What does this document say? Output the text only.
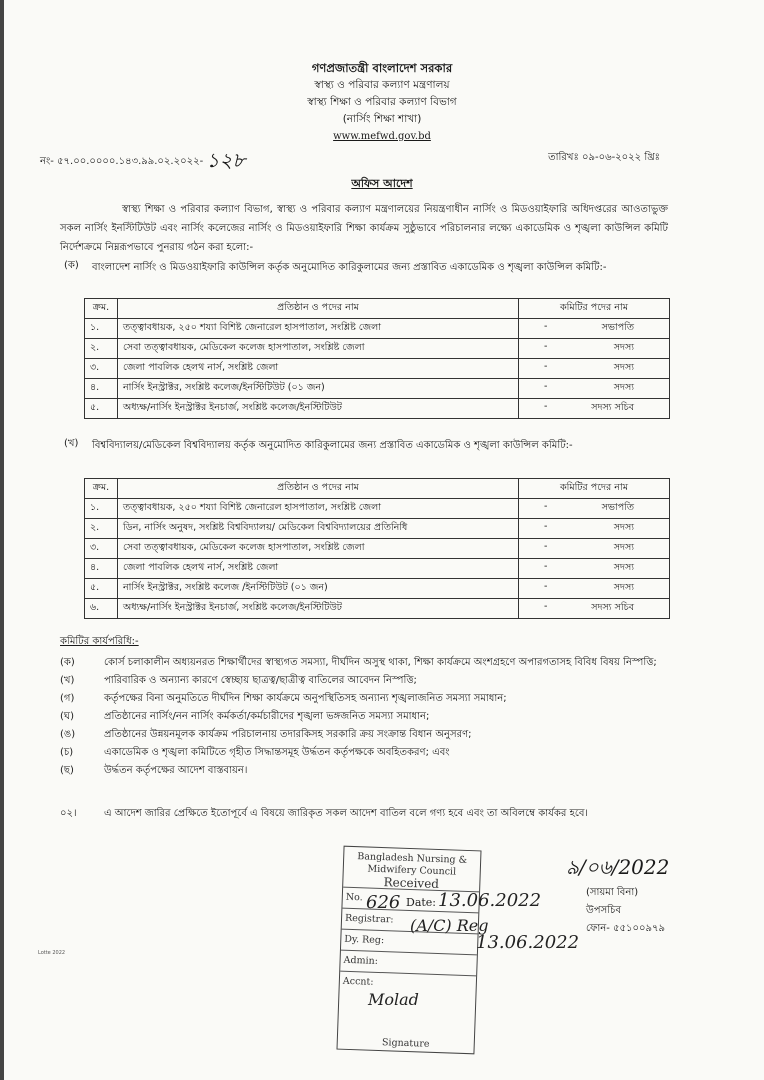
গণপ্রজাতন্ত্রী বাংলাদেশ সরকার
স্বাস্থ্য ও পরিবার কল্যাণ মন্ত্রণালয়
স্বাস্থ্য শিক্ষা ও পরিবার কল্যাণ বিভাগ
(নার্সিং শিক্ষা শাখা)
www.mefwd.gov.bd
নং- ৫৭.০০.০০০০.১৪৩.৯৯.০২.২০২২- ১২৮	তারিখঃ ০৯-০৬-২০২২ খ্রিঃ
অফিস আদেশ
স্বাস্থ্য শিক্ষা ও পরিবার কল্যাণ বিভাগ, স্বাস্থ্য ও পরিবার কল্যাণ মন্ত্রণালয়ের নিয়ন্ত্রণাধীন নার্সিং ও মিডওয়াইফারি অধিদপ্তরের আওতাভুক্ত সকল নার্সিং ইনস্টিটিউট এবং নার্সিং কলেজের নার্সিং ও মিডওয়াইফারি শিক্ষা কার্যক্রম সুষ্ঠুভাবে পরিচালনার লক্ষ্যে একাডেমিক ও শৃঙ্খলা কাউন্সিল কমিটি নির্দেশক্রমে নিম্নরূপভাবে পুনরায় গঠন করা হলো:-
(ক) বাংলাদেশ নার্সিং ও মিডওয়াইফারি কাউন্সিল কর্তৃক অনুমোদিত কারিকুলামের জন্য প্রস্তাবিত একাডেমিক ও শৃঙ্খলা কাউন্সিল কমিটি:-
ক্রম.	প্রতিষ্ঠান ও পদের নাম	কমিটির পদের নাম
১.	তত্ত্বাবধায়ক, ২৫০ শয্যা বিশিষ্ট জেনারেল হাসপাতাল, সংশ্লিষ্ট জেলা	- সভাপতি

২.	সেবা তত্ত্বাবধায়ক, মেডিকেল কলেজ হাসপাতাল, সংশ্লিষ্ট জেলা	- সদস্য

৩.	জেলা পাবলিক হেলথ নার্স, সংশ্লিষ্ট জেলা	- সদস্য

৪.	নার্সিং ইনস্ট্রাক্টর, সংশ্লিষ্ট কলেজ/ইনস্টিটিউট (০১ জন)	- সদস্য

৫.	অধ্যক্ষ/নার্সিং ইনস্ট্রাক্টর ইনচার্জ, সংশ্লিষ্ট কলেজ/ইনস্টিটিউট	- সদস্য সচিব
(খ) বিশ্ববিদ্যালয়/মেডিকেল বিশ্ববিদ্যালয় কর্তৃক অনুমোদিত কারিকুলামের জন্য প্রস্তাবিত একাডেমিক ও শৃঙ্খলা কাউন্সিল কমিটি:-
ক্রম.	প্রতিষ্ঠান ও পদের নাম	কমিটির পদের নাম
১.	তত্ত্বাবধায়ক, ২৫০ শয্যা বিশিষ্ট জেনারেল হাসপাতাল, সংশ্লিষ্ট জেলা	- সভাপতি

২.	ডিন, নার্সিং অনুষদ, সংশ্লিষ্ট বিশ্ববিদ্যালয়/ মেডিকেল বিশ্ববিদ্যালয়ের প্রতিনিধি	- সদস্য

৩.	সেবা তত্ত্বাবধায়ক, মেডিকেল কলেজ হাসপাতাল, সংশ্লিষ্ট জেলা	- সদস্য

৪.	জেলা পাবলিক হেলথ নার্স, সংশ্লিষ্ট জেলা	- সদস্য

৫.	নার্সিং ইনস্ট্রাক্টর, সংশ্লিষ্ট কলেজ /ইনস্টিটিউট (০১ জন)	- সদস্য

৬.	অধ্যক্ষ/নার্সিং ইনস্ট্রাক্টর ইনচার্জ, সংশ্লিষ্ট কলেজ/ইনস্টিটিউট	- সদস্য সচিব
কমিটির কার্যপরিধি:-
(ক)	কোর্স চলাকালীন অধ্যয়নরত শিক্ষার্থীদের স্বাস্থ্যগত সমস্যা, দীর্ঘদিন অসুস্থ থাকা, শিক্ষা কার্যক্রমে অংশগ্রহণে অপারগতাসহ বিবিধ বিষয় নিস্পত্তি;
(খ)	পারিবারিক ও অন্যান্য কারণে স্বেচ্ছায় ছাত্রত্ব/ছাত্রীত্ব বাতিলের আবেদন নিস্পত্তি;
(গ)	কর্তৃপক্ষের বিনা অনুমতিতে দীর্ঘদিন শিক্ষা কার্যক্রমে অনুপস্থিতিসহ অন্যান্য শৃঙ্খলাজনিত সমস্যা সমাধান;
(ঘ)	প্রতিষ্ঠানের নার্সিং/নন নার্সিং কর্মকর্তা/কর্মচারীদের শৃঙ্খলা ভঙ্গজনিত সমস্যা সমাধান;
(ঙ)	প্রতিষ্ঠানের উন্নয়নমূলক কার্যক্রম পরিচালনায় তদারকিসহ সরকারি ক্রয় সংক্রান্ত বিধান অনুসরণ;
(চ)	একাডেমিক ও শৃঙ্খলা কমিটিতে গৃহীত সিদ্ধান্তসমূহ উর্দ্ধতন কর্তৃপক্ষকে অবহিতকরণ; এবং
(ছ)	উর্দ্ধতন কর্তৃপক্ষের আদেশ বাস্তবায়ন।
০২।	এ আদেশ জারির প্রেক্ষিতে ইতোপূর্বে এ বিষয়ে জারিকৃত সকল আদেশ বাতিল বলে গণ্য হবে এবং তা অবিলম্বে কার্যকর হবে।
৯/০৬/2022
(সায়মা বিনা)
উপসচিব
ফোন- ৫৫১০০৯৭৯
Bangladesh Nursing &
Midwifery Council
Received
No.
Registrar:
Dy. Reg:
Admin:
Accnt:
Signature
626 Date: 13.06.2022
(A/C) Reg
13.06.2022
Molad
Lotte 2022
